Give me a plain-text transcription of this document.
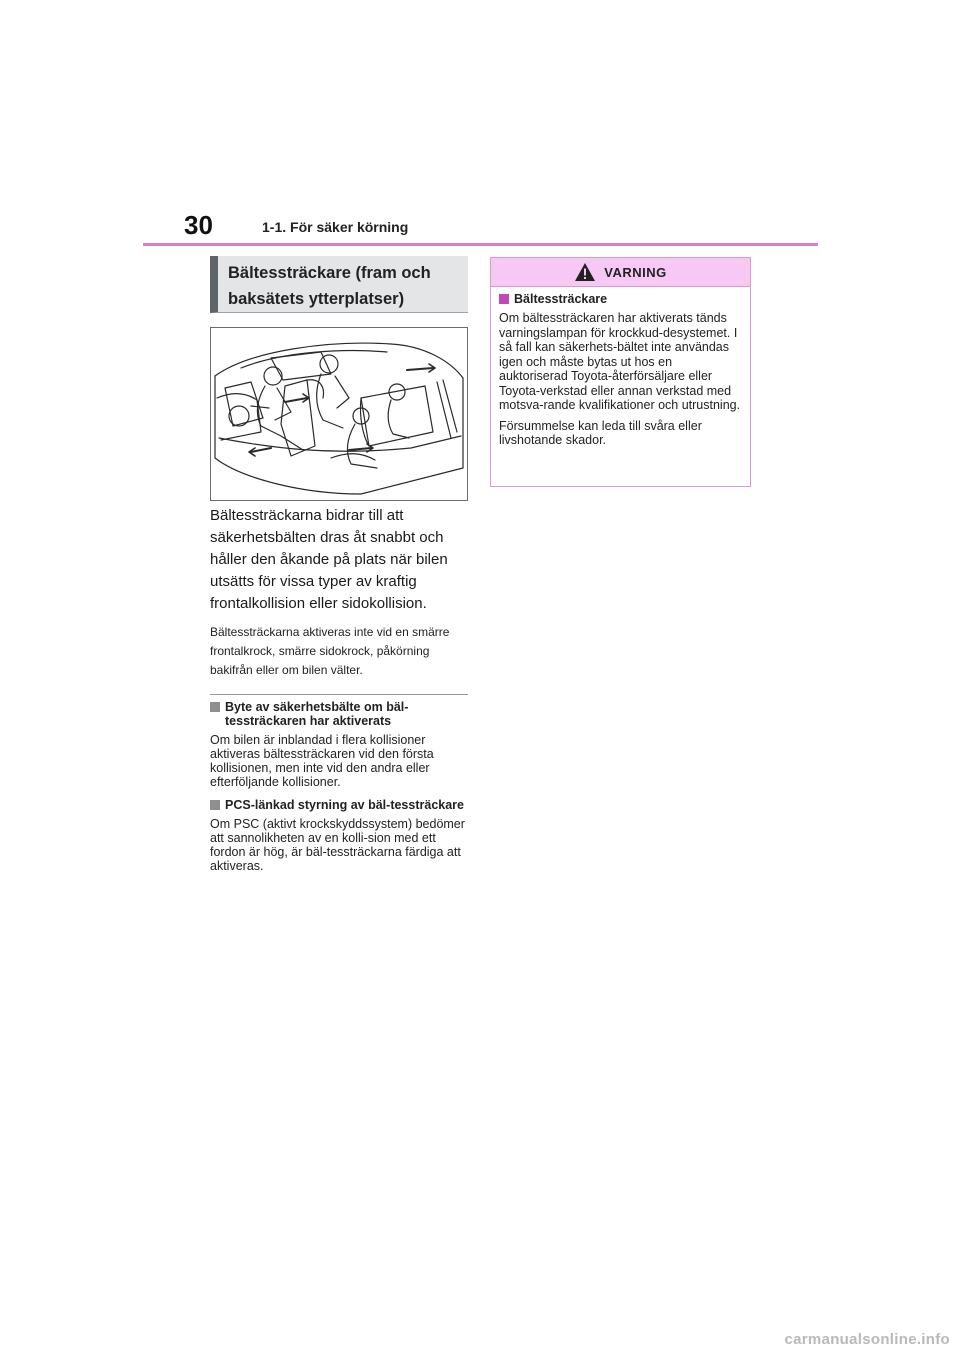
30	1-1. För säker körning
Bältessträckare (fram och baksätets ytterplatser)
Bältessträckarna bidrar till att säkerhetsbälten dras åt snabbt och håller den åkande på plats när bilen utsätts för vissa typer av kraftig frontalkollision eller sidokollision.
Bältessträckarna aktiveras inte vid en smärre frontalkrock, smärre sidokrock, påkörning bakifrån eller om bilen välter.
Byte av säkerhetsbälte om bäl-tessträckaren har aktiverats
Om bilen är inblandad i flera kollisioner aktiveras bältessträckaren vid den första kollisionen, men inte vid den andra eller efterföljande kollisioner.
PCS-länkad styrning av bäl-tessträckare
Om PSC (aktivt krockskyddssystem) bedömer att sannolikheten av en kolli-sion med ett fordon är hög, är bäl-tessträckarna färdiga att aktiveras.
VARNING
Bältessträckare
Om bältessträckaren har aktiverats tänds varningslampan för krockkud-desystemet. I så fall kan säkerhets-bältet inte användas igen och måste bytas ut hos en auktoriserad Toyota-återförsäljare eller Toyota-verkstad eller annan verkstad med motsva-rande kvalifikationer och utrustning.
Försummelse kan leda till svåra eller livshotande skador.
carmanualsonline.info
